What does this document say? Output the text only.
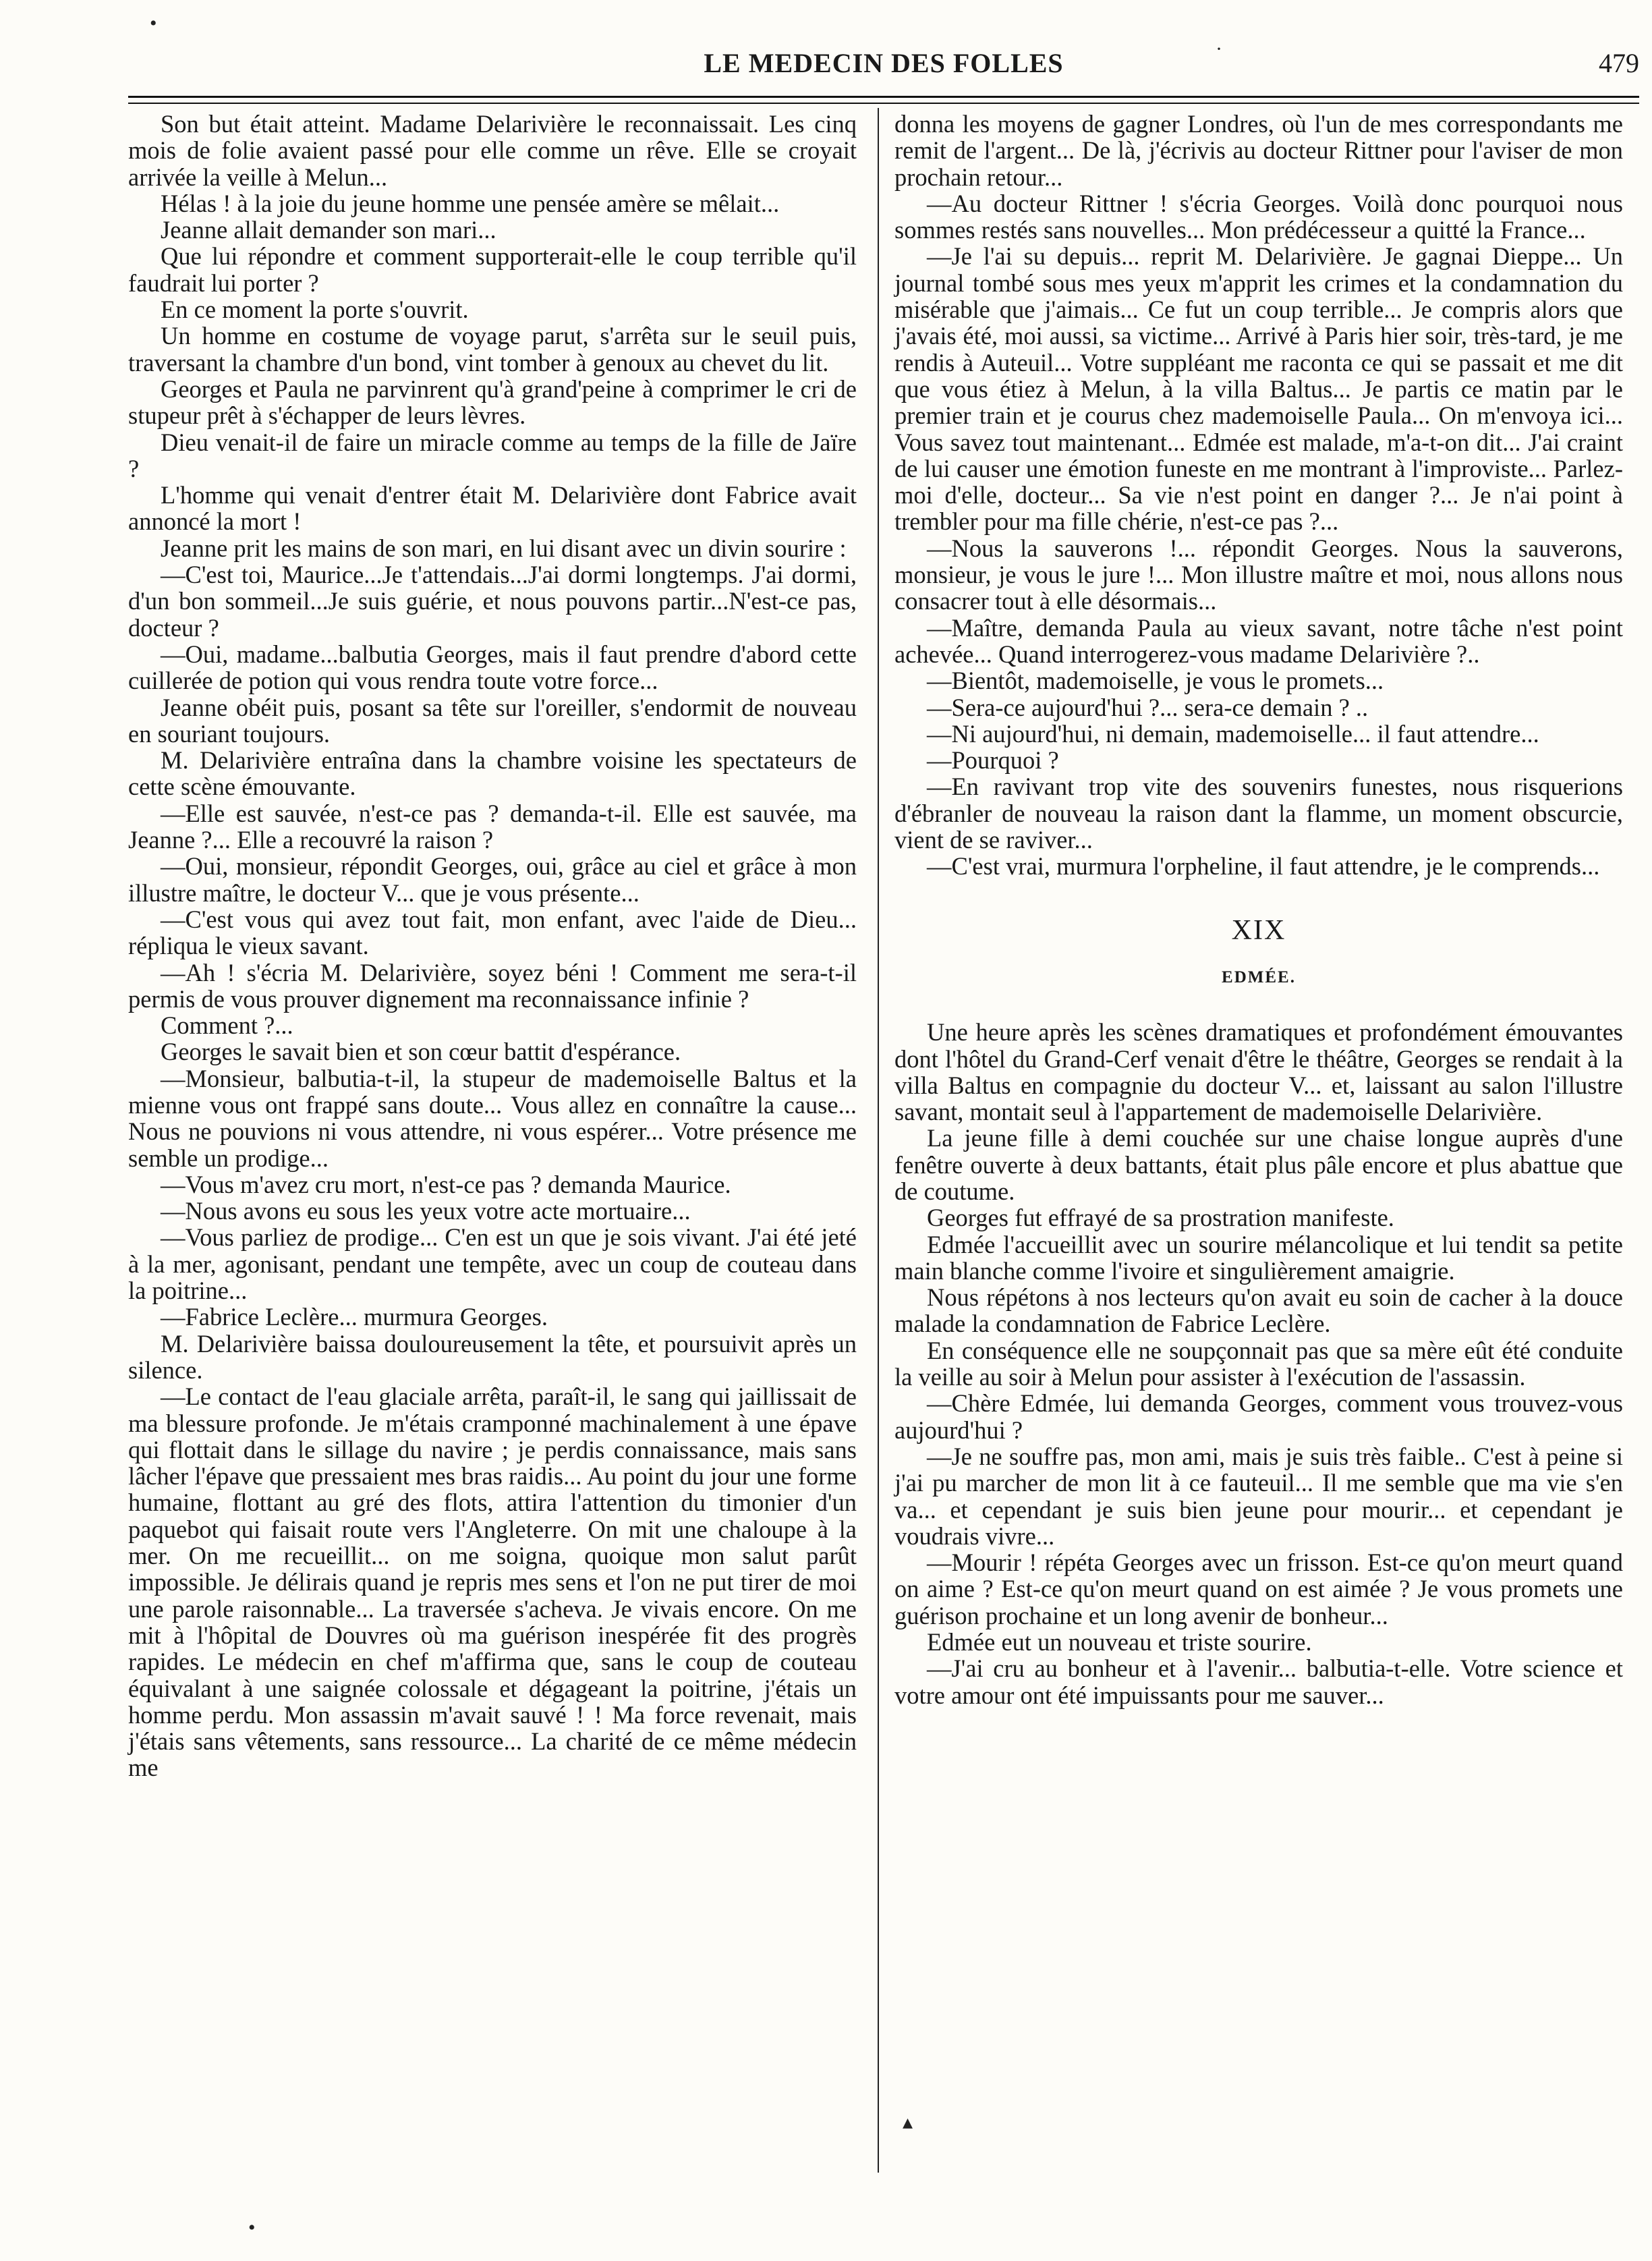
LE MEDECIN DES FOLLES	479

Son but était atteint. Madame Delarivière le reconnaissait. Les cinq mois de folie avaient passé pour elle comme un rêve. Elle se croyait arrivée la veille à Melun...

Hélas ! à la joie du jeune homme une pensée amère se mêlait...

Jeanne allait demander son mari...

Que lui répondre et comment supporterait-elle le coup terrible qu'il faudrait lui porter ?

En ce moment la porte s'ouvrit.

Un homme en costume de voyage parut, s'arrêta sur le seuil puis, traversant la chambre d'un bond, vint tomber à genoux au chevet du lit.

Georges et Paula ne parvinrent qu'à grand'peine à comprimer le cri de stupeur prêt à s'échapper de leurs lèvres.

Dieu venait-il de faire un miracle comme au temps de la fille de Jaïre ?

L'homme qui venait d'entrer était M. Delarivière dont Fabrice avait annoncé la mort !

Jeanne prit les mains de son mari, en lui disant avec un divin sourire :

—C'est toi, Maurice...Je t'attendais...J'ai dormi longtemps. J'ai dormi, d'un bon sommeil...Je suis guérie, et nous pouvons partir...N'est-ce pas, docteur ?

—Oui, madame...balbutia Georges, mais il faut prendre d'abord cette cuillerée de potion qui vous rendra toute votre force...

Jeanne obéit puis, posant sa tête sur l'oreiller, s'endormit de nouveau en souriant toujours.

M. Delarivière entraîna dans la chambre voisine les spectateurs de cette scène émouvante.

—Elle est sauvée, n'est-ce pas ? demanda-t-il. Elle est sauvée, ma Jeanne ?... Elle a recouvré la raison ?

—Oui, monsieur, répondit Georges, oui, grâce au ciel et grâce à mon illustre maître, le docteur V... que je vous présente...

—C'est vous qui avez tout fait, mon enfant, avec l'aide de Dieu... répliqua le vieux savant.

—Ah ! s'écria M. Delarivière, soyez béni ! Comment me sera-t-il permis de vous prouver dignement ma reconnaissance infinie ?

Comment ?...

Georges le savait bien et son cœur battit d'espérance.

—Monsieur, balbutia-t-il, la stupeur de mademoiselle Baltus et la mienne vous ont frappé sans doute... Vous allez en connaître la cause... Nous ne pouvions ni vous attendre, ni vous espérer... Votre présence me semble un prodige...

—Vous m'avez cru mort, n'est-ce pas ? demanda Maurice.

—Nous avons eu sous les yeux votre acte mortuaire...

—Vous parliez de prodige... C'en est un que je sois vivant. J'ai été jeté à la mer, agonisant, pendant une tempête, avec un coup de couteau dans la poitrine...

—Fabrice Leclère... murmura Georges.

M. Delarivière baissa douloureusement la tête, et poursuivit après un silence.

—Le contact de l'eau glaciale arrêta, paraît-il, le sang qui jaillissait de ma blessure profonde. Je m'étais cramponné machinalement à une épave qui flottait dans le sillage du navire ; je perdis connaissance, mais sans lâcher l'épave que pressaient mes bras raidis... Au point du jour une forme humaine, flottant au gré des flots, attira l'attention du timonier d'un paquebot qui faisait route vers l'Angleterre. On mit une chaloupe à la mer. On me recueillit... on me soigna, quoique mon salut parût impossible. Je délirais quand je repris mes sens et l'on ne put tirer de moi une parole raisonnable... La traversée s'acheva. Je vivais encore. On me mit à l'hôpital de Douvres où ma guérison inespérée fit des progrès rapides. Le médecin en chef m'affirma que, sans le coup de couteau équivalant à une saignée colossale et dégageant la poitrine, j'étais un homme perdu. Mon assassin m'avait sauvé ! ! Ma force revenait, mais j'étais sans vêtements, sans ressource... La charité de ce même médecin me

donna les moyens de gagner Londres, où l'un de mes correspondants me remit de l'argent... De là, j'écrivis au docteur Rittner pour l'aviser de mon prochain retour...

—Au docteur Rittner ! s'écria Georges. Voilà donc pourquoi nous sommes restés sans nouvelles... Mon prédécesseur a quitté la France...

—Je l'ai su depuis... reprit M. Delarivière. Je gagnai Dieppe... Un journal tombé sous mes yeux m'apprit les crimes et la condamnation du misérable que j'aimais... Ce fut un coup terrible... Je compris alors que j'avais été, moi aussi, sa victime... Arrivé à Paris hier soir, très-tard, je me rendis à Auteuil... Votre suppléant me raconta ce qui se passait et me dit que vous étiez à Melun, à la villa Baltus... Je partis ce matin par le premier train et je courus chez mademoiselle Paula... On m'envoya ici... Vous savez tout maintenant... Edmée est malade, m'a-t-on dit... J'ai craint de lui causer une émotion funeste en me montrant à l'improviste... Parlez-moi d'elle, docteur... Sa vie n'est point en danger ?... Je n'ai point à trembler pour ma fille chérie, n'est-ce pas ?...

—Nous la sauverons !... répondit Georges. Nous la sauverons, monsieur, je vous le jure !... Mon illustre maître et moi, nous allons nous consacrer tout à elle désormais...

—Maître, demanda Paula au vieux savant, notre tâche n'est point achevée... Quand interrogerez-vous madame Delarivière ?..

—Bientôt, mademoiselle, je vous le promets...

—Sera-ce aujourd'hui ?... sera-ce demain ? ..

—Ni aujourd'hui, ni demain, mademoiselle... il faut attendre...

—Pourquoi ?

—En ravivant trop vite des souvenirs funestes, nous risquerions d'ébranler de nouveau la raison dant la flamme, un moment obscurcie, vient de se raviver...

—C'est vrai, murmura l'orpheline, il faut attendre, je le comprends...

XIX

EDMÉE.

Une heure après les scènes dramatiques et profondément émouvantes dont l'hôtel du Grand-Cerf venait d'être le théâtre, Georges se rendait à la villa Baltus en compagnie du docteur V... et, laissant au salon l'illustre savant, montait seul à l'appartement de mademoiselle Delarivière.

La jeune fille à demi couchée sur une chaise longue auprès d'une fenêtre ouverte à deux battants, était plus pâle encore et plus abattue que de coutume.

Georges fut effrayé de sa prostration manifeste.

Edmée l'accueillit avec un sourire mélancolique et lui tendit sa petite main blanche comme l'ivoire et singulièrement amaigrie.

Nous répétons à nos lecteurs qu'on avait eu soin de cacher à la douce malade la condamnation de Fabrice Leclère.

En conséquence elle ne soupçonnait pas que sa mère eût été conduite la veille au soir à Melun pour assister à l'exécution de l'assassin.

—Chère Edmée, lui demanda Georges, comment vous trouvez-vous aujourd'hui ?

—Je ne souffre pas, mon ami, mais je suis très faible.. C'est à peine si j'ai pu marcher de mon lit à ce fauteuil... Il me semble que ma vie s'en va... et cependant je suis bien jeune pour mourir... et cependant je voudrais vivre...

—Mourir ! répéta Georges avec un frisson. Est-ce qu'on meurt quand on aime ? Est-ce qu'on meurt quand on est aimée ? Je vous promets une guérison prochaine et un long avenir de bonheur...

Edmée eut un nouveau et triste sourire.

—J'ai cru au bonheur et à l'avenir... balbutia-t-elle. Votre science et votre amour ont été impuissants pour me sauver...

•
·
▴
•
